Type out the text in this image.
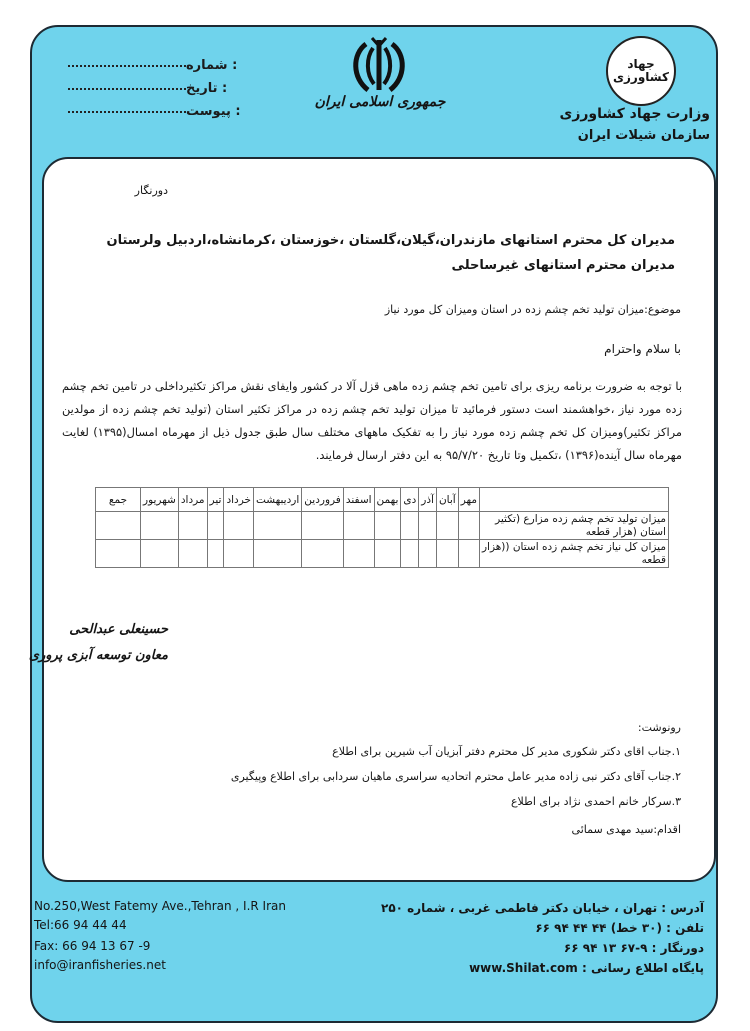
شماره :
تاریخ :
پیوست :
جمهوری اسلامی ایران
جهاد کشاورزی
وزارت جهاد کشاورزی
سازمان شیلات ایران
دورنگار
مدیران کل محترم استانهای مازندران،گیلان،گلستان ،خوزستان ،کرمانشاه،اردبیل ولرستان
مدیران محترم استانهای غیرساحلی
موضوع:میزان تولید تخم چشم زده در استان ومیزان کل مورد نیاز
با سلام واحترام
با توجه به ضرورت برنامه ریزی برای تامین تخم چشم زده ماهی قزل آلا در کشور وایفای نقش مراکز تکثیرداخلی در تامین تخم چشم زده مورد نیاز ،خواهشمند است دستور فرمائید تا میزان تولید تخم چشم زده در مراکز تکثیر استان (تولید تخم چشم زده از مولدین مراکز تکثیر)ومیزان کل تخم چشم زده مورد نیاز را به تفکیک ماههای مختلف سال طبق جدول ذیل از مهرماه امسال(۱۳۹۵) لغایت مهرماه سال آینده(۱۳۹۶) ،تکمیل وتا تاریخ ۹۵/۷/۲۰ به این دفتر ارسال فرمایند.
	مهر	آبان	آذر	دی	بهمن	اسفند	فروردین	اردیبهشت	خرداد	تیر	مرداد	شهریور	جمع
میزان تولید تخم چشم زده مزارع (تکثیر استان (هزار قطعه													
میزان کل نیاز تخم چشم زده استان ((هزار قطعه													
حسینعلی عبدالحی
معاون توسعه آبزی پروری
رونوشت:
۱.جناب اقای دکتر شکوری مدیر کل محترم دفتر آبزیان آب شیرین برای اطلاع
۲.جناب آقای دکتر نبی زاده مدیر عامل محترم اتحادیه سراسری ماهیان سردابی برای اطلاع وپیگیری
۳.سرکار خانم احمدی نژاد برای اطلاع
اقدام:سید مهدی سمائی
No.250,West Fatemy Ave.,Tehran , I.R Iran
Tel:66 94 44 44
Fax: 66 94 13 67 -9
info@iranfisheries.net
آدرس : تهران ، خیابان دکتر فاطمی غربی ، شماره ۲۵۰
تلفن : (۳۰ خط) ۴۴ ۴۴ ۹۴ ۶۶
دورنگار : ۹-۶۷ ۱۳ ۹۴ ۶۶
پایگاه اطلاع رسانی : www.Shilat.com
